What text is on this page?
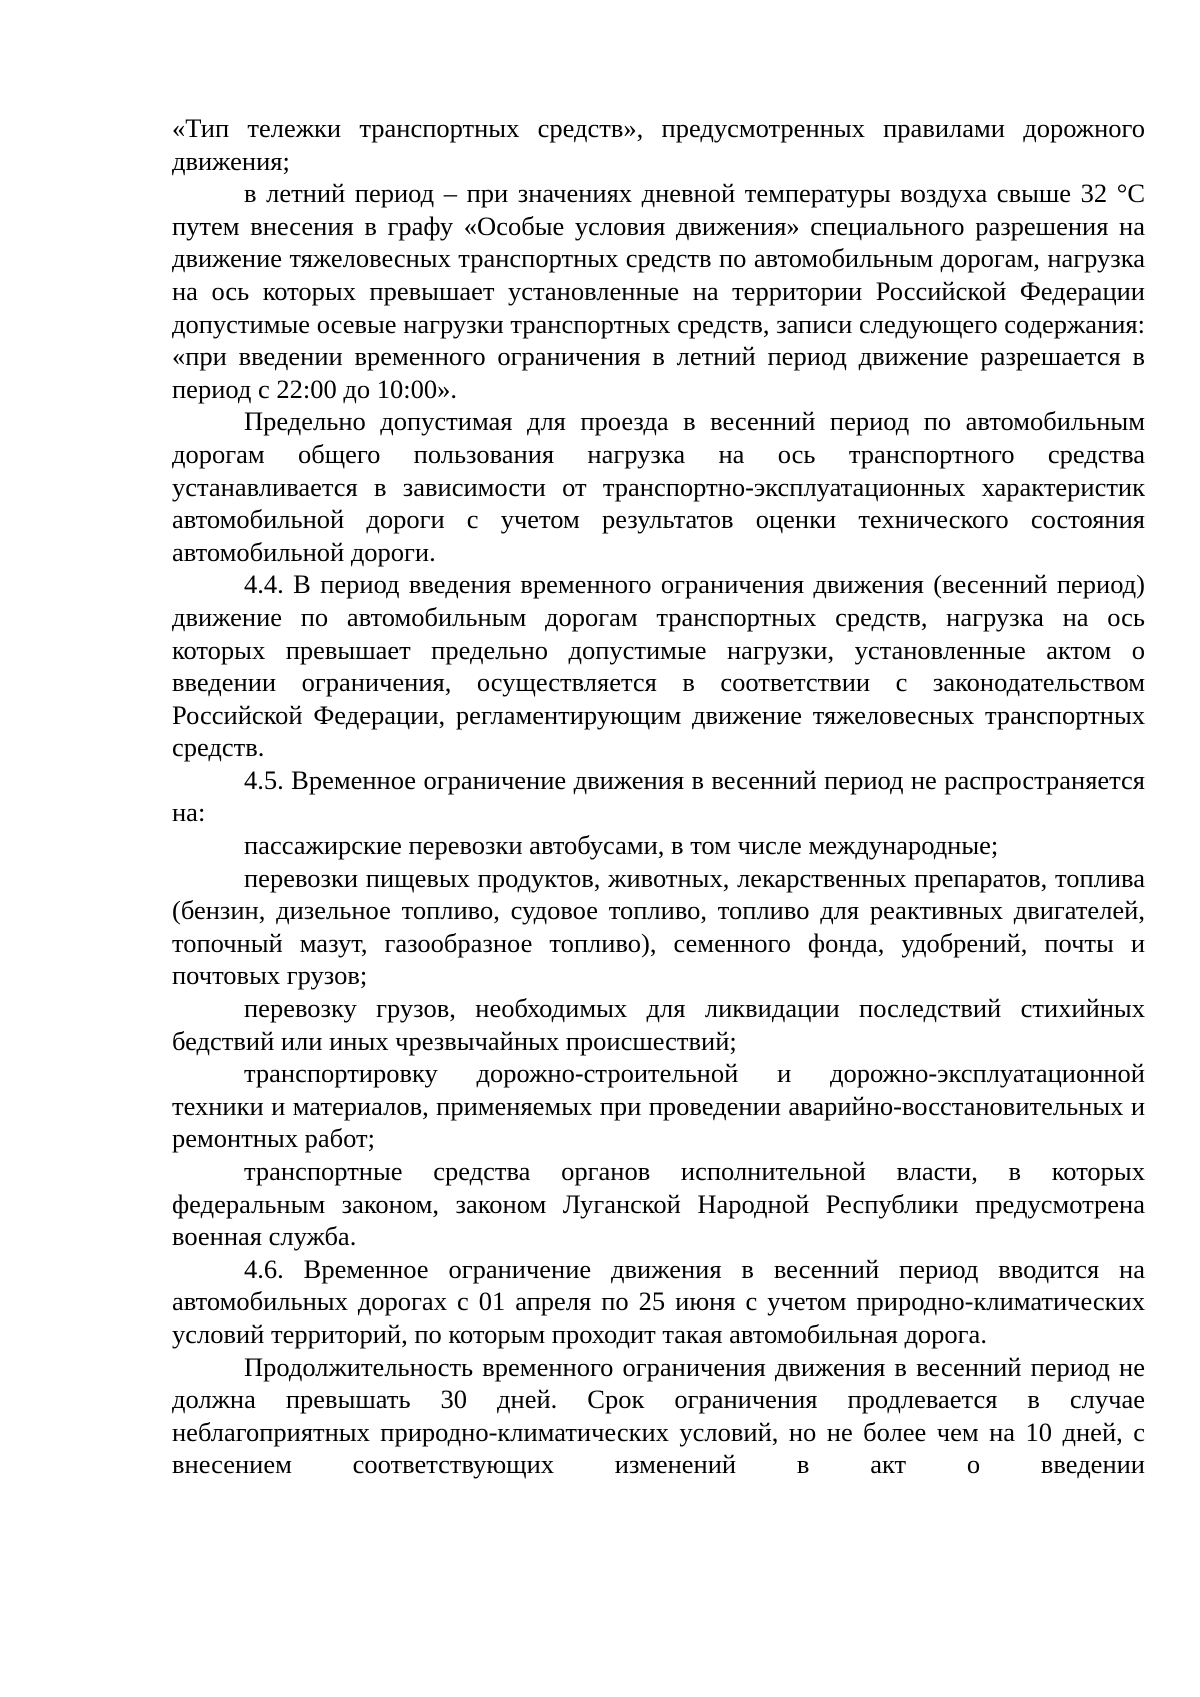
«Тип тележки транспортных средств», предусмотренных правилами дорожного движения;

в летний период – при значениях дневной температуры воздуха свыше 32 °С путем внесения в графу «Особые условия движения» специального разрешения на движение тяжеловесных транспортных средств по автомобильным дорогам, нагрузка на ось которых превышает установленные на территории Российской Федерации допустимые осевые нагрузки транспортных средств, записи следующего содержания: «при введении временного ограничения в летний период движение разрешается в период с 22:00 до 10:00».

Предельно допустимая для проезда в весенний период по автомобильным дорогам общего пользования нагрузка на ось транспортного средства устанавливается в зависимости от транспортно-эксплуатационных характеристик автомобильной дороги с учетом результатов оценки технического состояния автомобильной дороги.

4.4. В период введения временного ограничения движения (весенний период) движение по автомобильным дорогам транспортных средств, нагрузка на ось которых превышает предельно допустимые нагрузки, установленные актом о введении ограничения, осуществляется в соответствии с законодательством Российской Федерации, регламентирующим движение тяжеловесных транспортных средств.

4.5. Временное ограничение движения в весенний период не распространяется на:

пассажирские перевозки автобусами, в том числе международные;

перевозки пищевых продуктов, животных, лекарственных препаратов, топлива (бензин, дизельное топливо, судовое топливо, топливо для реактивных двигателей, топочный мазут, газообразное топливо), семенного фонда, удобрений, почты и почтовых грузов;

перевозку грузов, необходимых для ликвидации последствий стихийных бедствий или иных чрезвычайных происшествий;

транспортировку дорожно-строительной и дорожно-эксплуатационной техники и материалов, применяемых при проведении аварийно-восстановительных и ремонтных работ;

транспортные средства органов исполнительной власти, в которых федеральным законом, законом Луганской Народной Республики предусмотрена военная служба.

4.6. Временное ограничение движения в весенний период вводится на автомобильных дорогах с 01 апреля по 25 июня с учетом природно-климатических условий территорий, по которым проходит такая автомобильная дорога.

Продолжительность временного ограничения движения в весенний период не должна превышать 30 дней. Срок ограничения продлевается в случае неблагоприятных природно-климатических условий, но не более чем на 10 дней, с внесением соответствующих изменений в акт о введении
